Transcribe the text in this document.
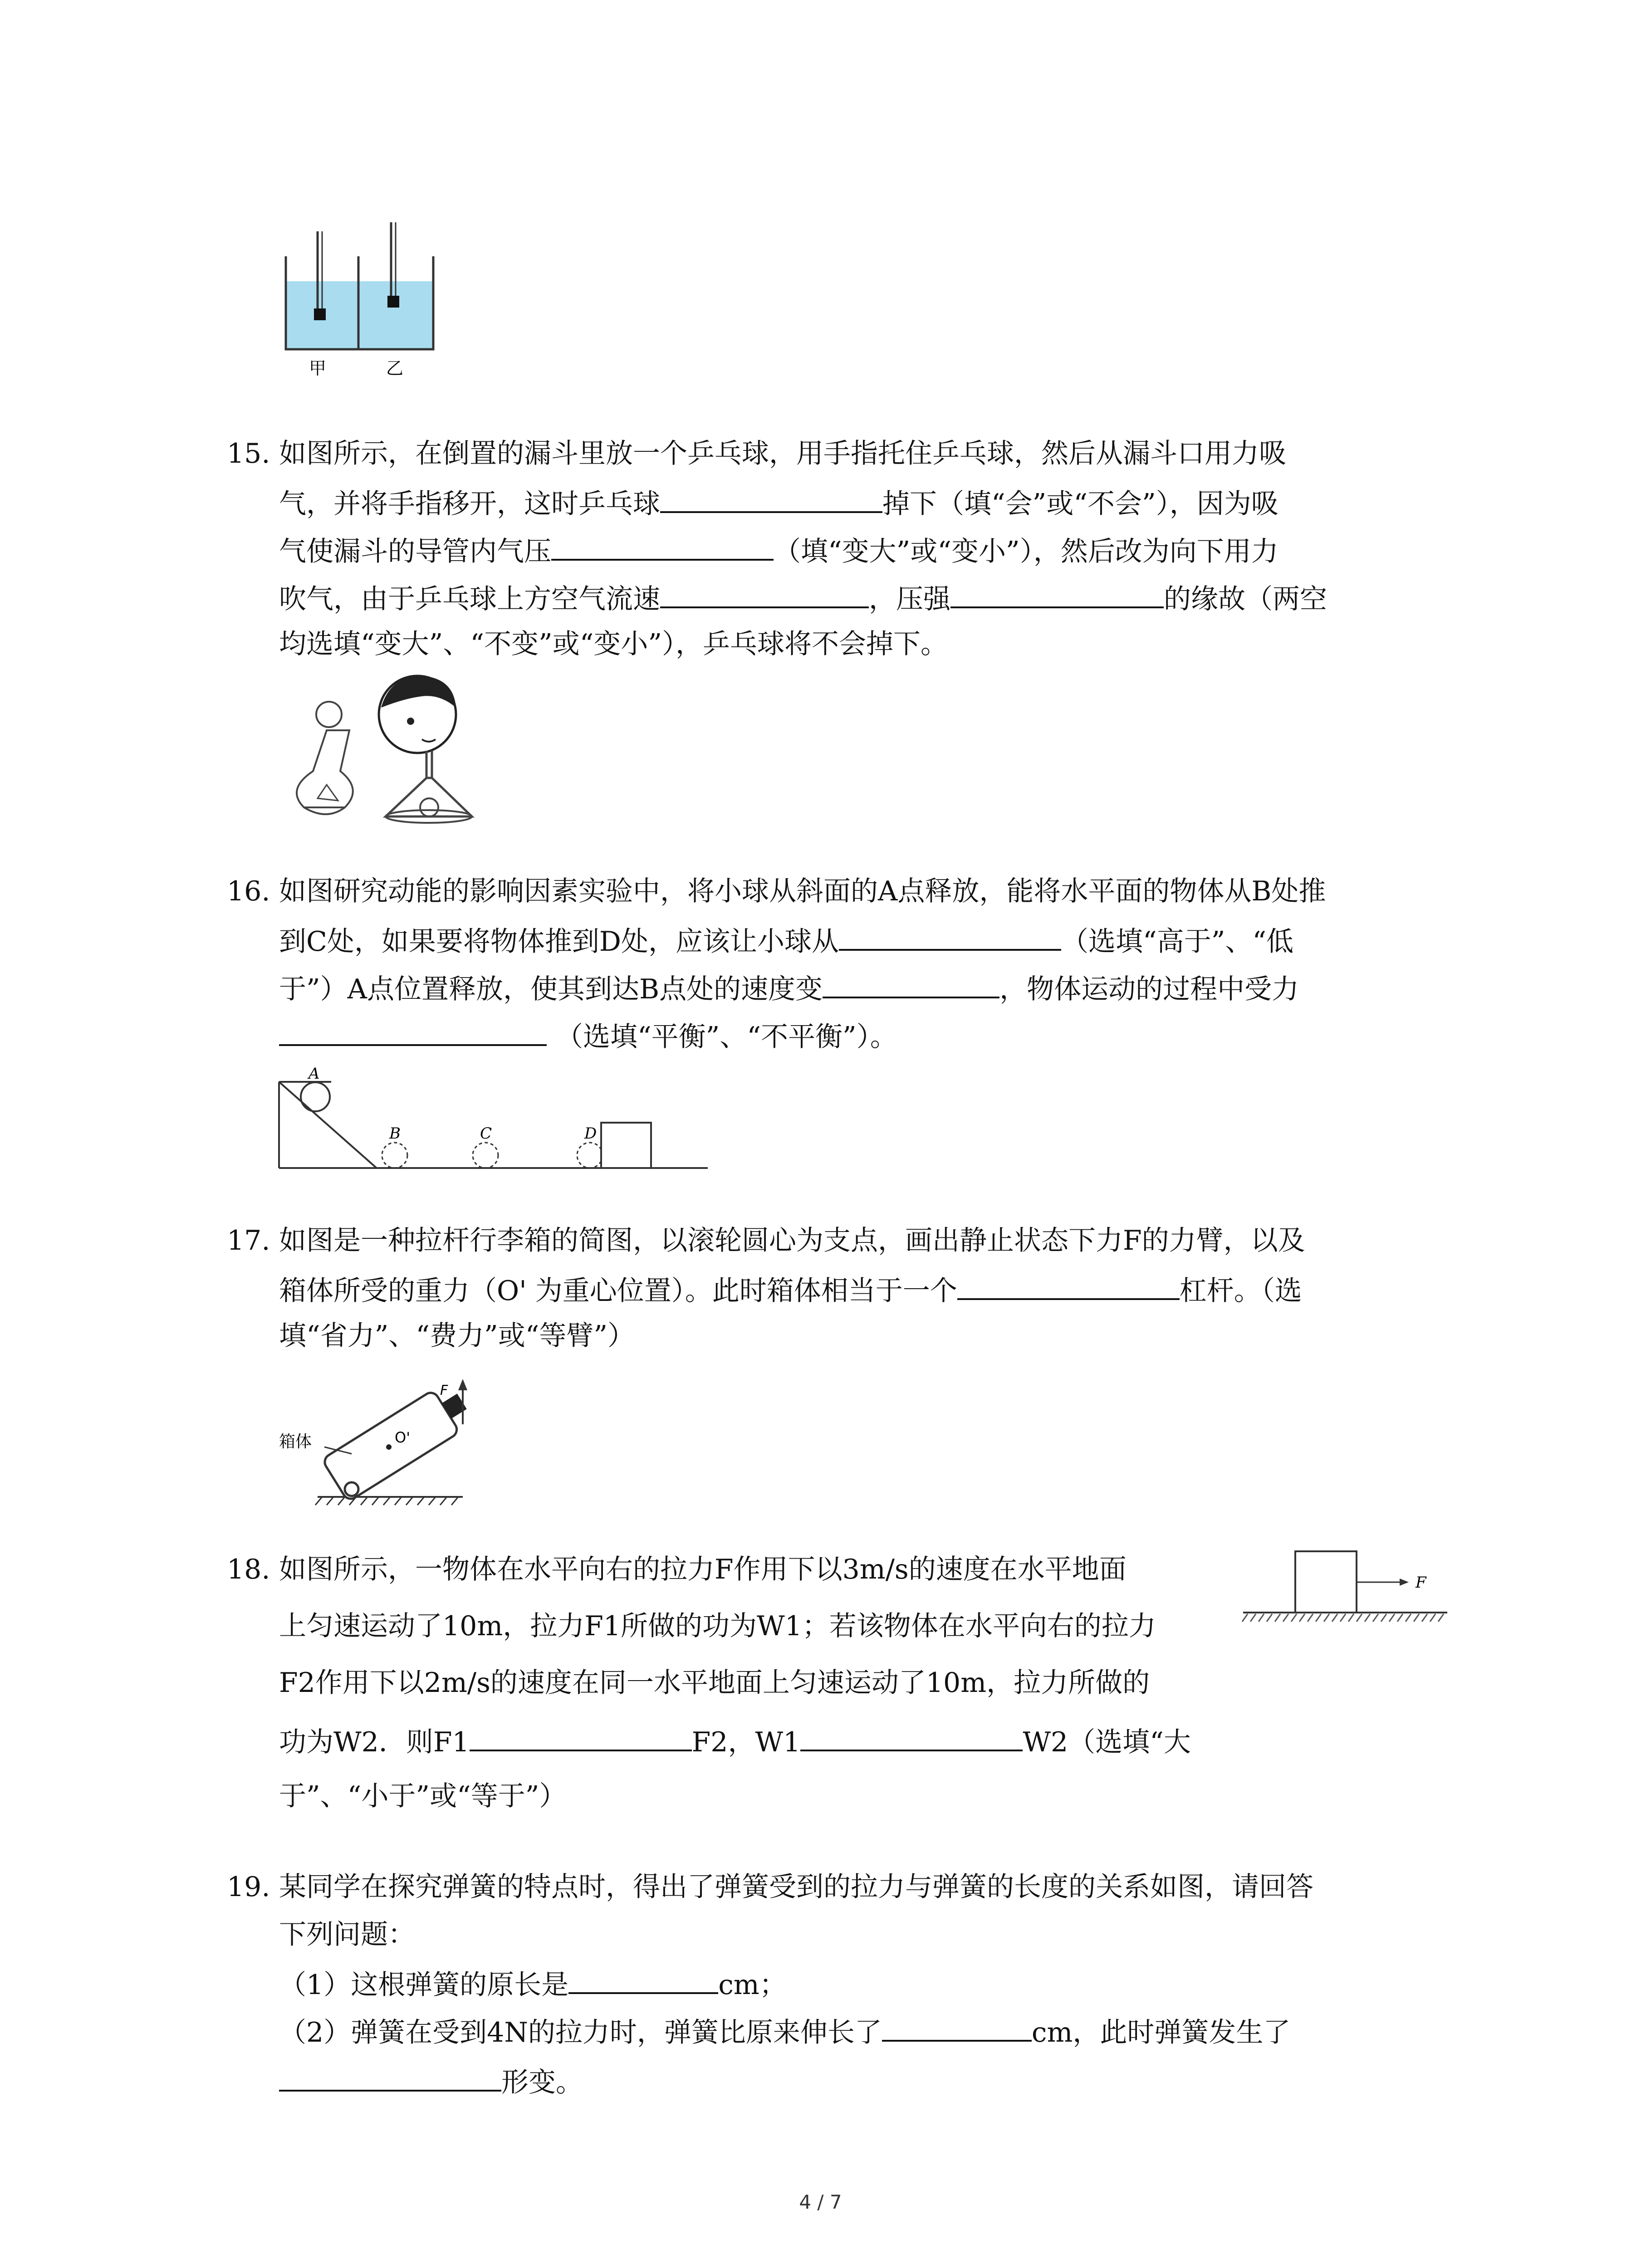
甲	乙
15. 如图所示，在倒置的漏斗里放一个乒乓球，用手指托住乒乓球，然后从漏斗口用力吸
气，并将手指移开，这时乒乓球	掉下（填“会”或“不会”），因为吸
气使漏斗的导管内气压	（填“变大”或“变小”），然后改为向下用力
吹气，由于乒乓球上方空气流速	，压强	的缘故（两空
均选填“变大”、“不变”或“变小”），乒乓球将不会掉下。
16. 如图研究动能的影响因素实验中，将小球从斜面的A点释放，能将水平面的物体从B处推
到C处，如果要将物体推到D处，应该让小球从	（选填“高于”、“低
于”）A点位置释放，使其到达B点处的速度变	，物体运动的过程中受力
（选填“平衡”、“不平衡”）。
A
B	C	D
17. 如图是一种拉杆行李箱的简图，以滚轮圆心为支点，画出静止状态下力F的力臂，以及
箱体所受的重力（O' 为重心位置）。此时箱体相当于一个	杠杆。（选
填“省力”、“费力”或“等臂”）
F
O'
箱体
18. 如图所示，一物体在水平向右的拉力F作用下以3m/s的速度在水平地面
上匀速运动了10m，拉力F1所做的功为W1；若该物体在水平向右的拉力
F2作用下以2m/s的速度在同一水平地面上匀速运动了10m，拉力所做的
功为W2．则F1	F2，W1	W2（选填“大
于”、“小于”或“等于”）
F
19. 某同学在探究弹簧的特点时，得出了弹簧受到的拉力与弹簧的长度的关系如图，请回答
下列问题：
（1）这根弹簧的原长是	cm；
（2）弹簧在受到4N的拉力时，弹簧比原来伸长了	cm，此时弹簧发生了
形变。
4 / 7
